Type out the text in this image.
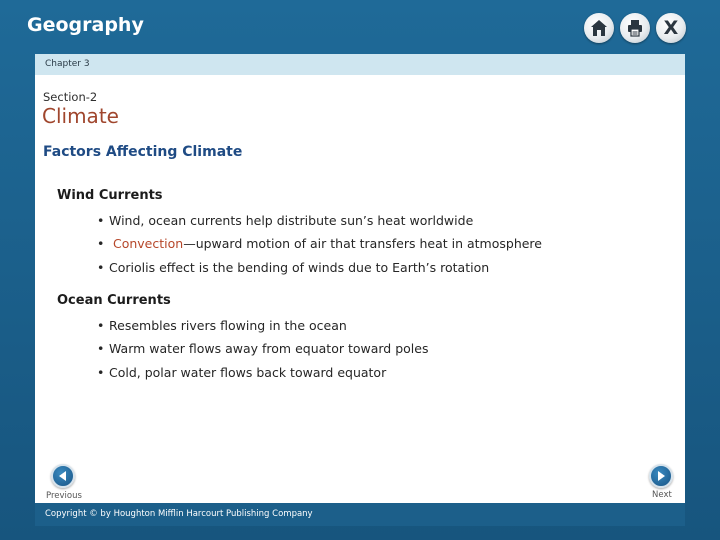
Geography	X
Chapter 3
Section-2
Climate
Factors Affecting Climate
Wind Currents
• Wind, ocean currents help distribute sun’s heat worldwide
• Convection—upward motion of air that transfers heat in atmosphere
• Coriolis effect is the bending of winds due to Earth’s rotation
Ocean Currents
• Resembles rivers flowing in the ocean
• Warm water flows away from equator toward poles
• Cold, polar water flows back toward equator
Previous	Next
Copyright © by Houghton Mifflin Harcourt Publishing Company
